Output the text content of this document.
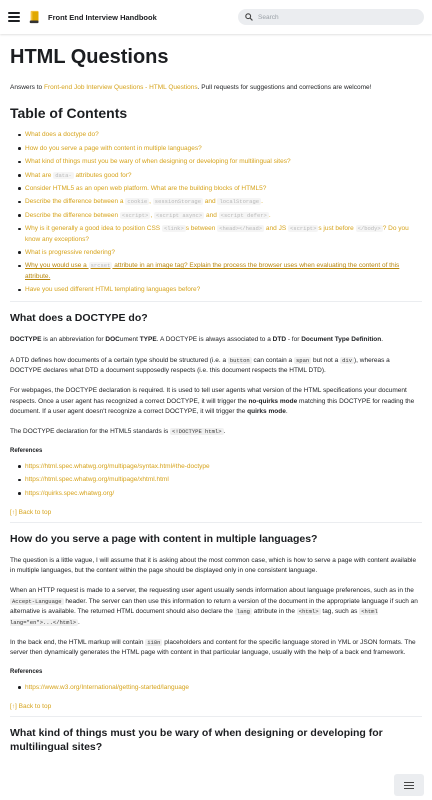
Front End Interview Handbook
Search
HTML Questions

Answers to Front-end Job Interview Questions - HTML Questions. Pull requests for suggestions and corrections are welcome!

Table of Contents
What does a doctype do?
How do you serve a page with content in multiple languages?
What kind of things must you be wary of when designing or developing for multilingual sites?
What are data- attributes good for?
Consider HTML5 as an open web platform. What are the building blocks of HTML5?
Describe the difference between a cookie , sessionStorage and localStorage .
Describe the difference between <script> , <script async> and <script defer> .
Why is it generally a good idea to position CSS <link> s between <head></head> and JS <script> s just before </body> ? Do you know any exceptions?
What is progressive rendering?
Why you would use a srcset attribute in an image tag? Explain the process the browser uses when evaluating the content of this attribute.
Have you used different HTML templating languages before?
What does a DOCTYPE do?

DOCTYPE is an abbreviation for DOCument TYPE. A DOCTYPE is always associated to a DTD - for Document Type Definition.

A DTD defines how documents of a certain type should be structured (i.e. a button can contain a span but not a div ), whereas a DOCTYPE declares what DTD a document supposedly respects (i.e. this document respects the HTML DTD).

For webpages, the DOCTYPE declaration is required. It is used to tell user agents what version of the HTML specifications your document respects. Once a user agent has recognized a correct DOCTYPE, it will trigger the no-quirks mode matching this DOCTYPE for reading the document. If a user agent doesn't recognize a correct DOCTYPE, it will trigger the quirks mode.

The DOCTYPE declaration for the HTML5 standards is <!DOCTYPE html> .

References
https://html.spec.whatwg.org/multipage/syntax.html#the-doctype
https://html.spec.whatwg.org/multipage/xhtml.html
https://quirks.spec.whatwg.org/
[↑] Back to top
How do you serve a page with content in multiple languages?

The question is a little vague, I will assume that it is asking about the most common case, which is how to serve a page with content available in multiple languages, but the content within the page should be displayed only in one consistent language.

When an HTTP request is made to a server, the requesting user agent usually sends information about language preferences, such as in the Accept-Language header. The server can then use this information to return a version of the document in the appropriate language if such an alternative is available. The returned HTML document should also declare the lang attribute in the <html> tag, such as <html lang="en">...</html> .

In the back end, the HTML markup will contain i18n placeholders and content for the specific language stored in YML or JSON formats. The server then dynamically generates the HTML page with content in that particular language, usually with the help of a back end framework.

References
https://www.w3.org/International/getting-started/language
[↑] Back to top
What kind of things must you be wary of when designing or developing for multilingual sites?
